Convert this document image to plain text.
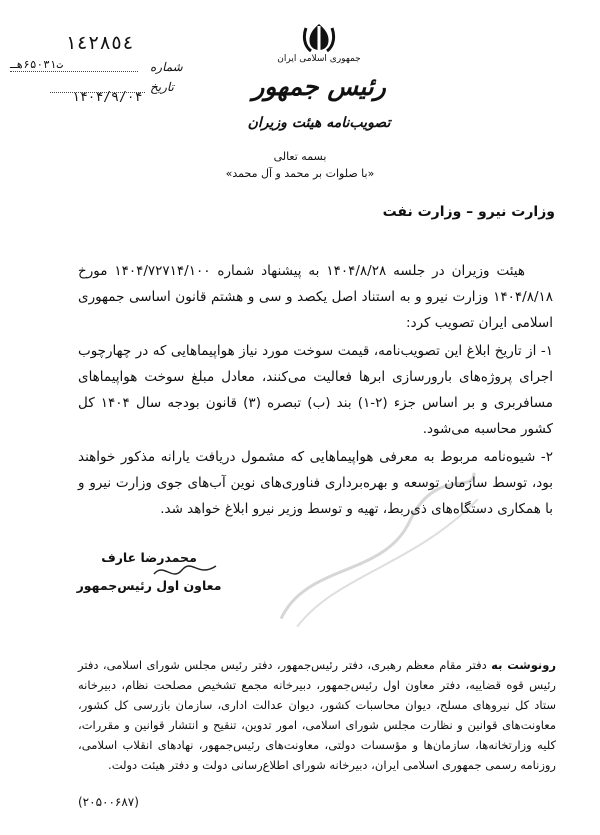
١٤٢٨٥٤
شماره
ت۶۵۰۳۱هـ
تاریخ
۱۴۰۴/۹/۰۴
جمهوری اسلامی ایران
رئیس جمهور
تصویب‌نامه هیئت وزیران
بسمه تعالی
«با صلوات بر محمد و آل محمد»
وزارت نیرو – وزارت نفت

هیئت وزیران در جلسه ۱۴۰۴/۸/۲۸ به پیشنهاد شماره ۱۴۰۴/۷۲۷۱۴/۱۰۰ مورخ ۱۴۰۴/۸/۱۸ وزارت نیرو و به استناد اصل یکصد و سی و هشتم قانون اساسی جمهوری اسلامی ایران تصویب کرد:

۱- از تاریخ ابلاغ این تصویب‌نامه، قیمت سوخت مورد نیاز هواپیماهایی که در چهارچوب اجرای پروژه‌های بارورسازی ابرها فعالیت می‌کنند، معادل مبلغ سوخت هواپیماهای مسافربری و بر اساس جزء (۲-۱) بند (ب) تبصره (۳) قانون بودجه سال ۱۴۰۴ کل کشور محاسبه می‌شود.

۲- شیوه‌نامه مربوط به معرفی هواپیماهایی که مشمول دریافت یارانه مذکور خواهند بود، توسط سازمان توسعه و بهره‌برداری فناوری‌های نوین آب‌های جوی وزارت نیرو و با همکاری دستگاه‌های ذی‌ربط، تهیه و توسط وزیر نیرو ابلاغ خواهد شد.

محمدرضا عارف
معاون اول رئیس‌جمهور

رونوشت به دفتر مقام معظم رهبری، دفتر رئیس‌جمهور، دفتر رئیس مجلس شورای اسلامی، دفتر رئیس قوه قضاییه، دفتر معاون اول رئیس‌جمهور، دبیرخانه مجمع تشخیص مصلحت نظام، دبیرخانه ستاد کل نیروهای مسلح، دیوان محاسبات کشور، دیوان عدالت اداری، سازمان بازرسی کل کشور، معاونت‌های قوانین و نظارت مجلس شورای اسلامی، امور تدوین، تنقیح و انتشار قوانین و مقررات، کلیه وزارتخانه‌ها، سازمان‌ها و مؤسسات دولتی، معاونت‌های رئیس‌جمهور، نهادهای انقلاب اسلامی، روزنامه رسمی جمهوری اسلامی ایران، دبیرخانه شورای اطلاع‌رسانی دولت و دفتر هیئت دولت.

(۲۰۵۰۰۶۸۷)
